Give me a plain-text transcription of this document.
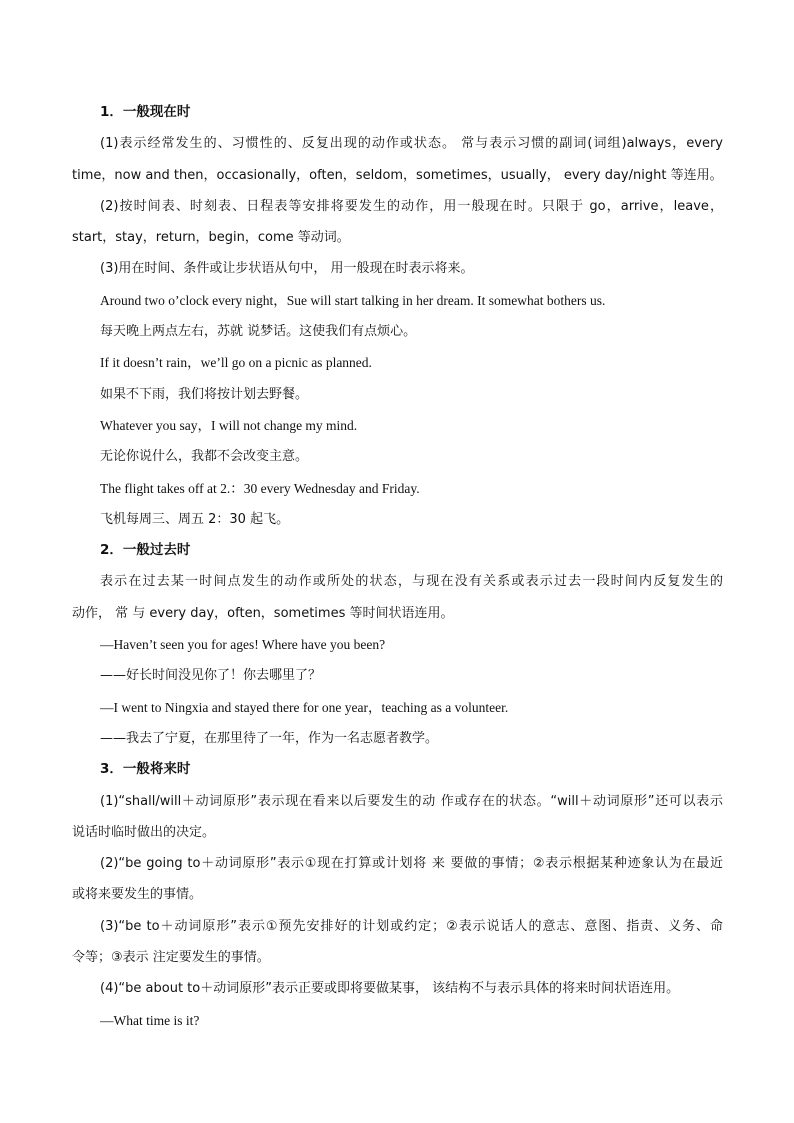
1．一般现在时
(1)表示经常发生的、习惯性的、反复出现的动作或状态。 常与表示习惯的副词(词组)always，every
time，now and then，occasionally，often，seldom，sometimes，usually， every day/night 等连用。
(2)按时间表、时刻表、日程表等安排将要发生的动作，用一般现在时。只限于 go，arrive，leave，
start，stay，return，begin，come 等动词。
(3)用在时间、条件或让步状语从句中， 用一般现在时表示将来。
Around two o’clock every night，Sue will start talking in her dream. It somewhat bothers us.
每天晚上两点左右，苏就 说梦话。这使我们有点烦心。
If it doesn’t rain，we’ll go on a picnic as planned.
如果不下雨，我们将按计划去野餐。
Whatever you say，I will not change my mind.
无论你说什么，我都不会改变主意。
The flight takes off at 2.：30 every Wednesday and Friday.
飞机每周三、周五 2：30 起飞。
2．一般过去时
表示在过去某一时间点发生的动作或所处的状态，与现在没有关系或表示过去一段时间内反复发生的
动作， 常 与 every day，often，sometimes 等时间状语连用。
—Haven’t seen you for ages! Where have you been?
——好长时间没见你了！你去哪里了？
—I went to Ningxia and stayed there for one year，teaching as a volunteer.
——我去了宁夏，在那里待了一年，作为一名志愿者教学。
3．一般将来时
(1)“shall/will＋动词原形”表示现在看来以后要发生的动 作或存在的状态。“will＋动词原形”还可以表示
说话时临时做出的决定。
(2)“be going to＋动词原形”表示①现在打算或计划将 来 要做的事情；②表示根据某种迹象认为在最近
或将来要发生的事情。
(3)“be to＋动词原形”表示①预先安排好的计划或约定；②表示说话人的意志、意图、指责、义务、命
令等；③表示 注定要发生的事情。
(4)“be about to＋动词原形”表示正要或即将要做某事， 该结构不与表示具体的将来时间状语连用。
—What time is it?
